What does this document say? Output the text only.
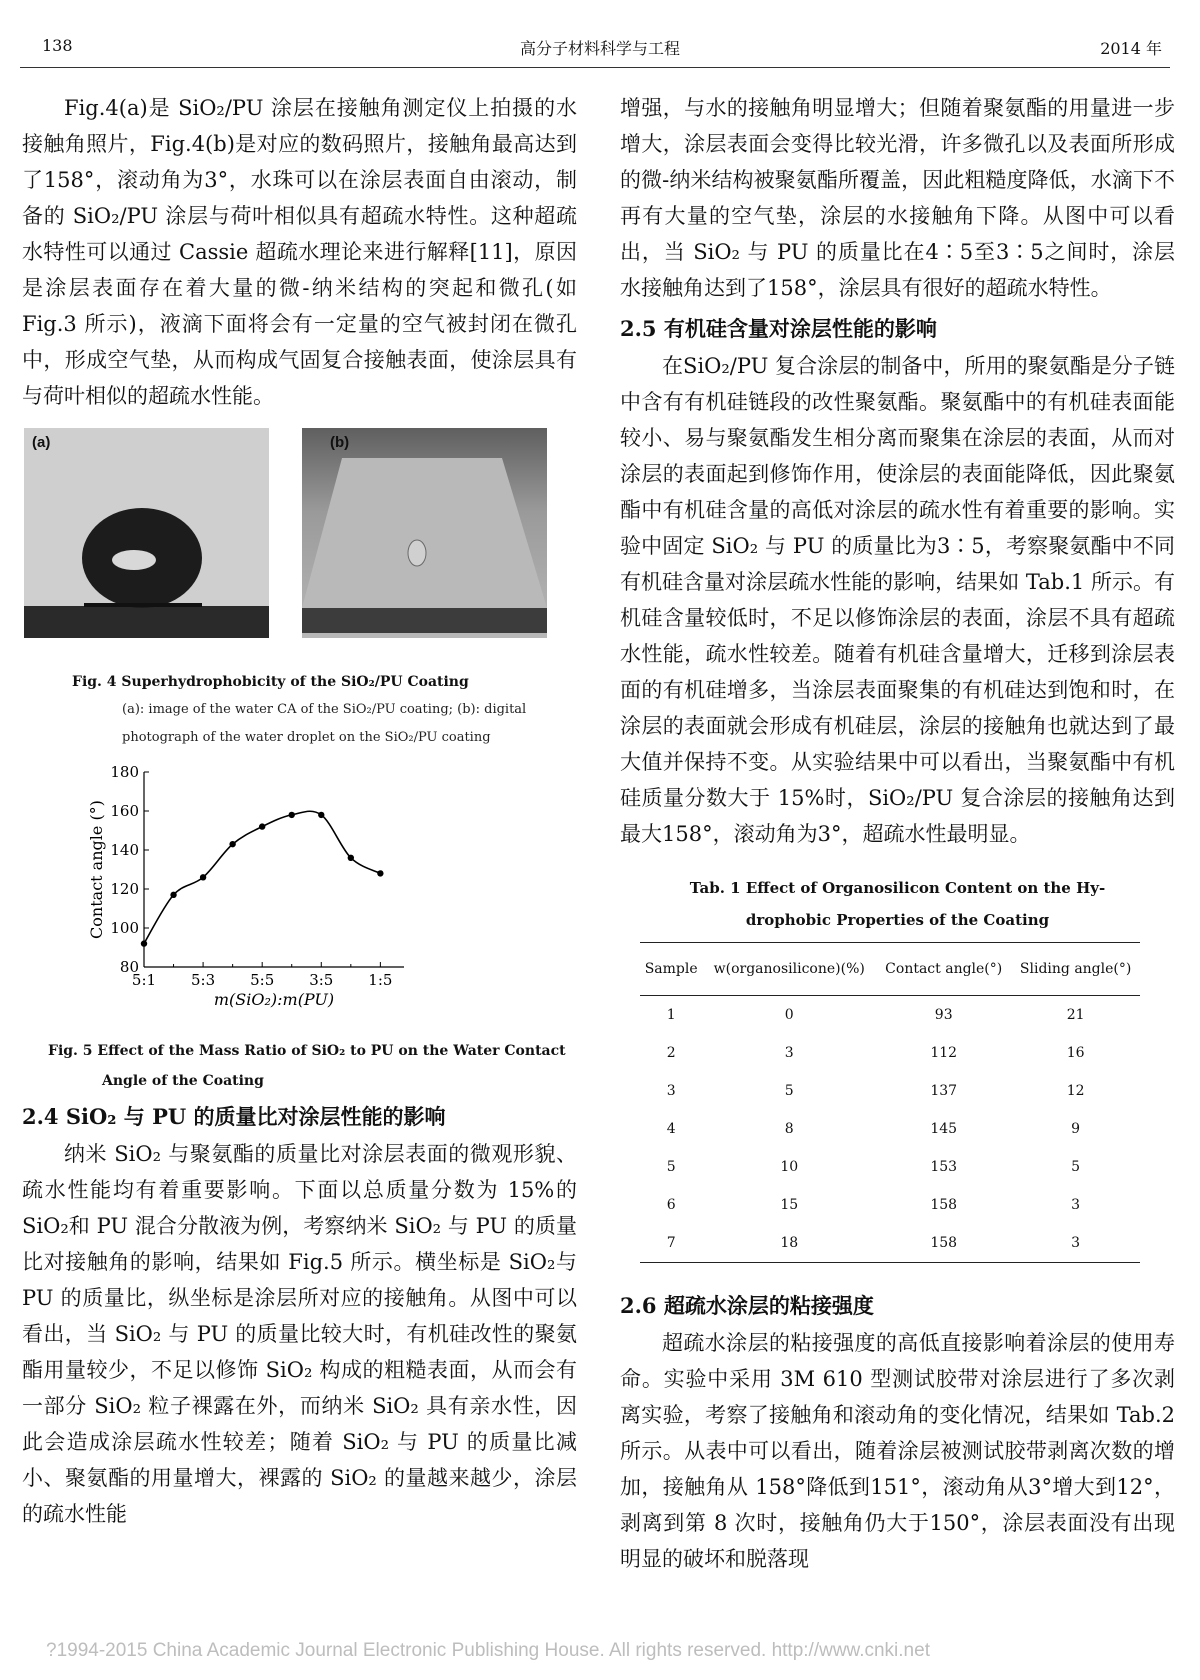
138	高分子材料科学与工程	2014 年

Fig.4(a)是 SiO₂/PU 涂层在接触角测定仪上拍摄的水接触角照片，Fig.4(b)是对应的数码照片，接触角最高达到了158°，滚动角为3°，水珠可以在涂层表面自由滚动，制备的 SiO₂/PU 涂层与荷叶相似具有超疏水特性。这种超疏水特性可以通过 Cassie 超疏水理论来进行解释[11]，原因是涂层表面存在着大量的微-纳米结构的突起和微孔(如 Fig.3 所示)，液滴下面将会有一定量的空气被封闭在微孔中，形成空气垫，从而构成气固复合接触表面，使涂层具有与荷叶相似的超疏水性能。

(a)	(b)
Fig. 4 Superhydrophobicity of the SiO₂/PU Coating
(a): image of the water CA of the SiO₂/PU coating; (b): digital photograph of the water droplet on the SiO₂/PU coating
80
100
120
140
160
180
5:1 5:3 5:5 3:5 1:5
m(SiO₂):m(PU)
Contact angle (°)
Fig. 5 Effect of the Mass Ratio of SiO₂ to PU on the Water Contact
Angle of the Coating
2.4 SiO₂ 与 PU 的质量比对涂层性能的影响

纳米 SiO₂ 与聚氨酯的质量比对涂层表面的微观形貌、疏水性能均有着重要影响。下面以总质量分数为 15%的SiO₂和 PU 混合分散液为例，考察纳米 SiO₂ 与 PU 的质量比对接触角的影响，结果如 Fig.5 所示。横坐标是 SiO₂与 PU 的质量比，纵坐标是涂层所对应的接触角。从图中可以看出，当 SiO₂ 与 PU 的质量比较大时，有机硅改性的聚氨酯用量较少，不足以修饰 SiO₂ 构成的粗糙表面，从而会有一部分 SiO₂ 粒子裸露在外，而纳米 SiO₂ 具有亲水性，因此会造成涂层疏水性较差；随着 SiO₂ 与 PU 的质量比减小、聚氨酯的用量增大，裸露的 SiO₂ 的量越来越少，涂层的疏水性能

增强，与水的接触角明显增大；但随着聚氨酯的用量进一步增大，涂层表面会变得比较光滑，许多微孔以及表面所形成的微-纳米结构被聚氨酯所覆盖，因此粗糙度降低，水滴下不再有大量的空气垫，涂层的水接触角下降。从图中可以看出，当 SiO₂ 与 PU 的质量比在4∶5至3∶5之间时，涂层水接触角达到了158°，涂层具有很好的超疏水特性。

2.5 有机硅含量对涂层性能的影响

在SiO₂/PU 复合涂层的制备中，所用的聚氨酯是分子链中含有有机硅链段的改性聚氨酯。聚氨酯中的有机硅表面能较小、易与聚氨酯发生相分离而聚集在涂层的表面，从而对涂层的表面起到修饰作用，使涂层的表面能降低，因此聚氨酯中有机硅含量的高低对涂层的疏水性有着重要的影响。实验中固定 SiO₂ 与 PU 的质量比为3∶5，考察聚氨酯中不同有机硅含量对涂层疏水性能的影响，结果如 Tab.1 所示。有机硅含量较低时，不足以修饰涂层的表面，涂层不具有超疏水性能，疏水性较差。随着有机硅含量增大，迁移到涂层表面的有机硅增多，当涂层表面聚集的有机硅达到饱和时，在涂层的表面就会形成有机硅层，涂层的接触角也就达到了最大值并保持不变。从实验结果中可以看出，当聚氨酯中有机硅质量分数大于 15%时，SiO₂/PU 复合涂层的接触角达到最大158°，滚动角为3°，超疏水性最明显。

Tab. 1 Effect of Organosilicon Content on the Hy-
drophobic Properties of the Coating
Sample	w(organosilicone)(%)	Contact angle(°)	Sliding angle(°)
1	0	93	21
2	3	112	16
3	5	137	12
4	8	145	9
5	10	153	5
6	15	158	3
7	18	158	3
2.6 超疏水涂层的粘接强度

超疏水涂层的粘接强度的高低直接影响着涂层的使用寿命。实验中采用 3M 610 型测试胶带对涂层进行了多次剥离实验，考察了接触角和滚动角的变化情况，结果如 Tab.2 所示。从表中可以看出，随着涂层被测试胶带剥离次数的增加，接触角从 158°降低到151°，滚动角从3°增大到12°，剥离到第 8 次时，接触角仍大于150°，涂层表面没有出现明显的破坏和脱落现

?1994-2015 China Academic Journal Electronic Publishing House. All rights reserved. http://www.cnki.net
